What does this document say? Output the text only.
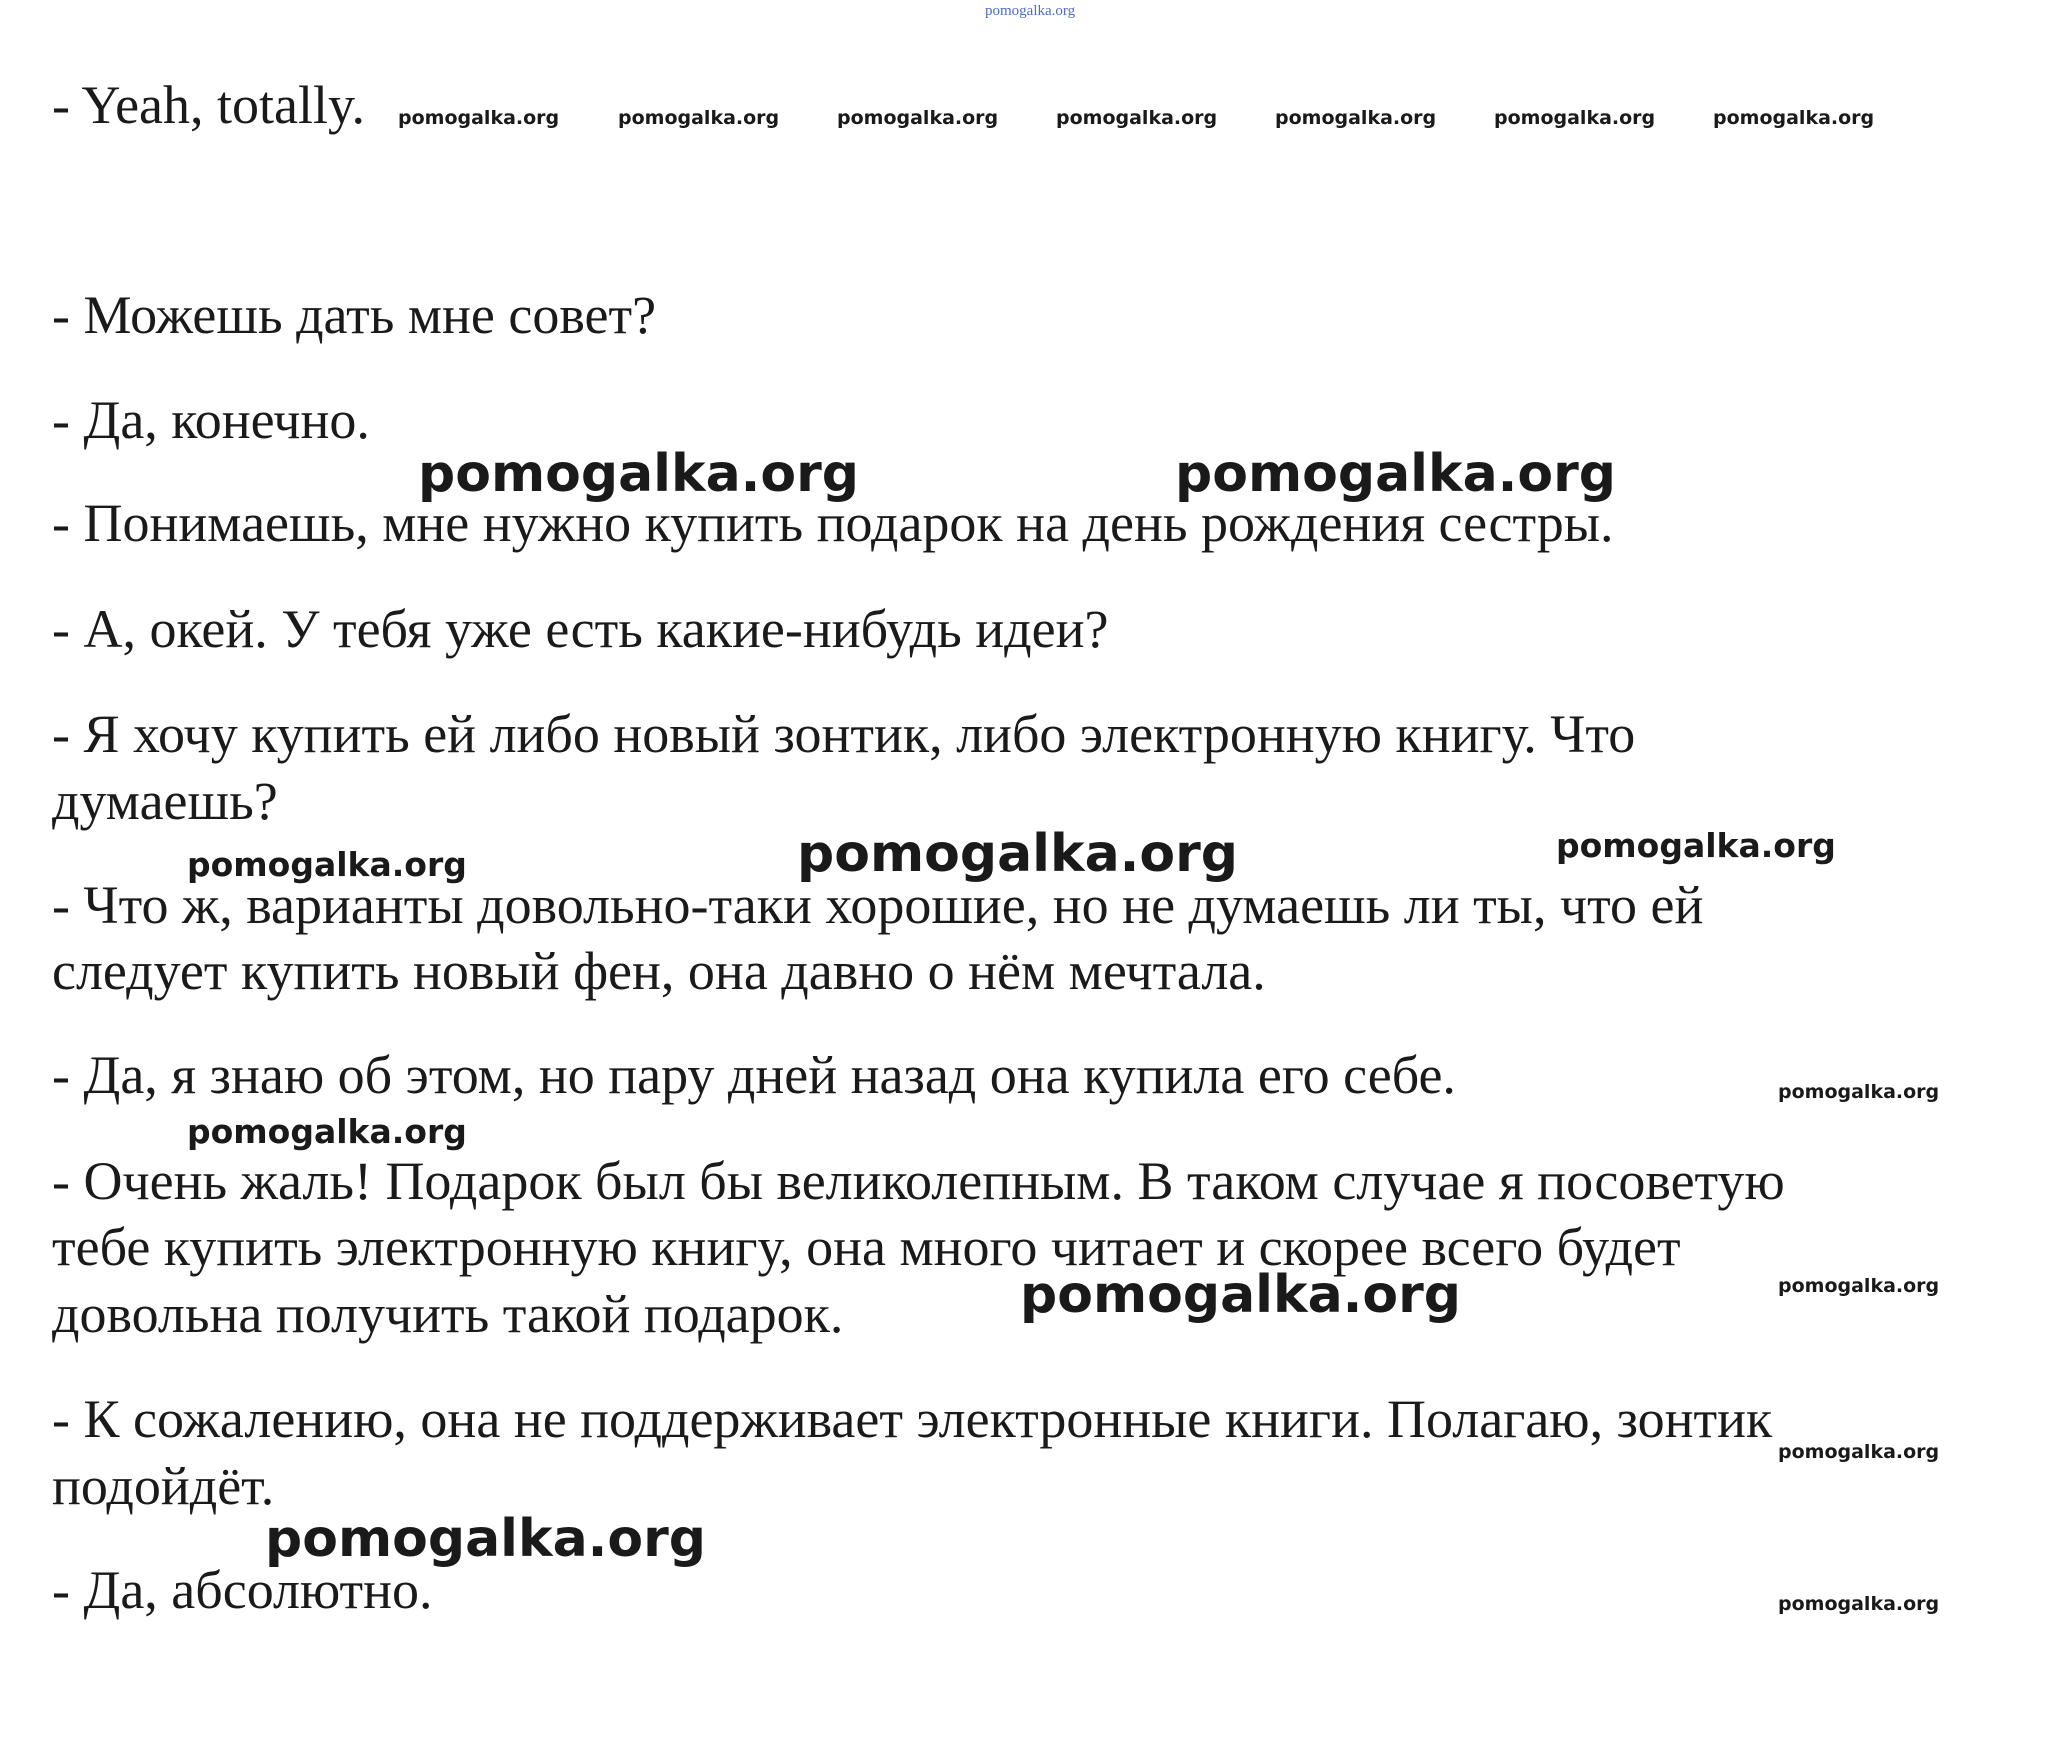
pomogalka.org

- Yeah, totally. pomogalka.org	pomogalka.org	pomogalka.org	pomogalka.org	pomogalka.org	pomogalka.org	pomogalka.org

- Можешь дать мне совет?

- Да, конечно.

pomogalka.org	pomogalka.org

- Понимаешь, мне нужно купить подарок на день рождения сестры.

- А, окей. У тебя уже есть какие-нибудь идеи?

- Я хочу купить ей либо новый зонтик, либо электронную книгу. Что

думаешь?

pomogalka.org	pomogalka.org	pomogalka.org

- Что ж, варианты довольно-таки хорошие, но не думаешь ли ты, что ей

следует купить новый фен, она давно о нём мечтала.

- Да, я знаю об этом, но пару дней назад она купила его себе.	pomogalka.org
pomogalka.org

- Очень жаль! Подарок был бы великолепным. В таком случае я посоветую

тебе купить электронную книгу, она много читает и скорее всего будет

pomogalka.org	pomogalka.org

довольна получить такой подарок.

- К сожалению, она не поддерживает электронные книги. Полагаю, зонтик

pomogalka.org

подойдёт.

pomogalka.org

- Да, абсолютно.	pomogalka.org
